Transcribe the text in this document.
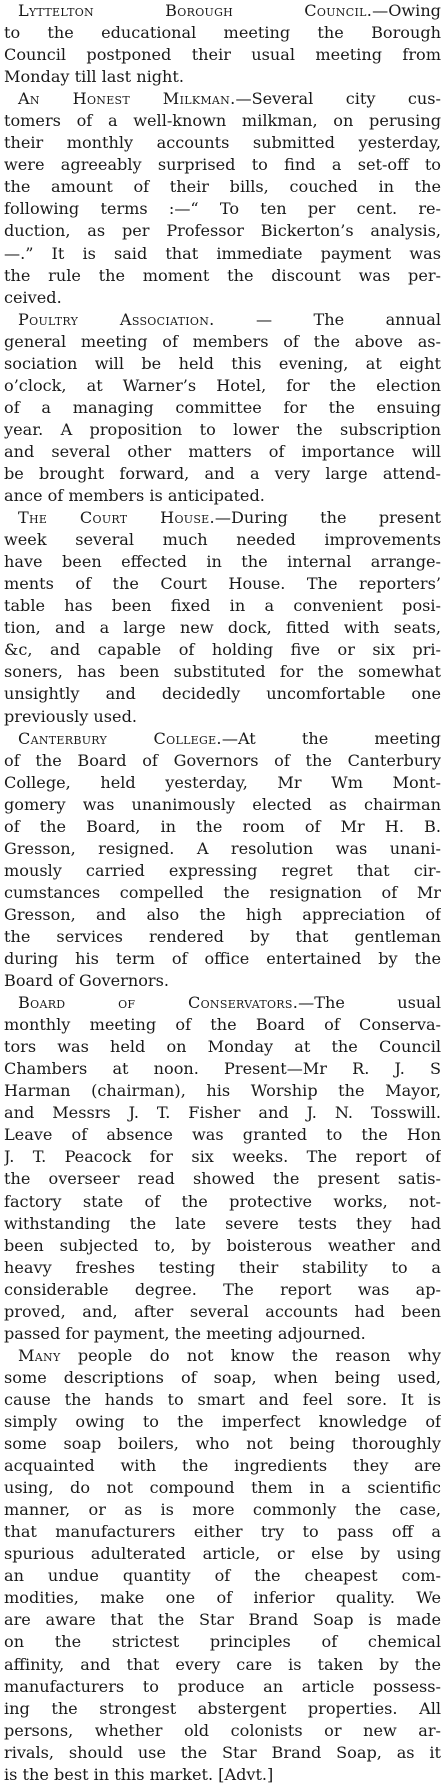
Lyttelton Borough Council.—Owing
to the educational meeting the Borough
Council postponed their usual meeting from
Monday till last night.

An Honest Milkman.—Several city cus-
tomers of a well-known milkman, on perusing
their monthly accounts submitted yesterday,
were agreeably surprised to find a set-off to
the amount of their bills, couched in the
following terms :—“ To ten per cent. re-
duction, as per Professor Bickerton’s analysis,
—.” It is said that immediate payment was
the rule the moment the discount was per-
ceived.

Poultry Association. — The annual
general meeting of members of the above as-
sociation will be held this evening, at eight
o’clock, at Warner’s Hotel, for the election
of a managing committee for the ensuing
year. A proposition to lower the subscription
and several other matters of importance will
be brought forward, and a very large attend-
ance of members is anticipated.

The Court House.—During the present
week several much needed improvements
have been effected in the internal arrange-
ments of the Court House. The reporters’
table has been fixed in a convenient posi-
tion, and a large new dock, fitted with seats,
&c, and capable of holding five or six pri-
soners, has been substituted for the somewhat
unsightly and decidedly uncomfortable one
previously used.

Canterbury College.—At the meeting
of the Board of Governors of the Canterbury
College, held yesterday, Mr Wm Mont-
gomery was unanimously elected as chairman
of the Board, in the room of Mr H. B.
Gresson, resigned. A resolution was unani-
mously carried expressing regret that cir-
cumstances compelled the resignation of Mr
Gresson, and also the high appreciation of
the services rendered by that gentleman
during his term of office entertained by the
Board of Governors.

Board of Conservators.—The usual
monthly meeting of the Board of Conserva-
tors was held on Monday at the Council
Chambers at noon. Present—Mr R. J. S
Harman (chairman), his Worship the Mayor,
and Messrs J. T. Fisher and J. N. Tosswill.
Leave of absence was granted to the Hon
J. T. Peacock for six weeks. The report of
the overseer read showed the present satis-
factory state of the protective works, not-
withstanding the late severe tests they had
been subjected to, by boisterous weather and
heavy freshes testing their stability to a
considerable degree. The report was ap-
proved, and, after several accounts had been
passed for payment, the meeting adjourned.

Many people do not know the reason why
some descriptions of soap, when being used,
cause the hands to smart and feel sore. It is
simply owing to the imperfect knowledge of
some soap boilers, who not being thoroughly
acquainted with the ingredients they are
using, do not compound them in a scientific
manner, or as is more commonly the case,
that manufacturers either try to pass off a
spurious adulterated article, or else by using
an undue quantity of the cheapest com-
modities, make one of inferior quality. We
are aware that the Star Brand Soap is made
on the strictest principles of chemical
affinity, and that every care is taken by the
manufacturers to produce an article possess-
ing the strongest abstergent properties. All
persons, whether old colonists or new ar-
rivals, should use the Star Brand Soap, as it
is the best in this market. [Advt.]
